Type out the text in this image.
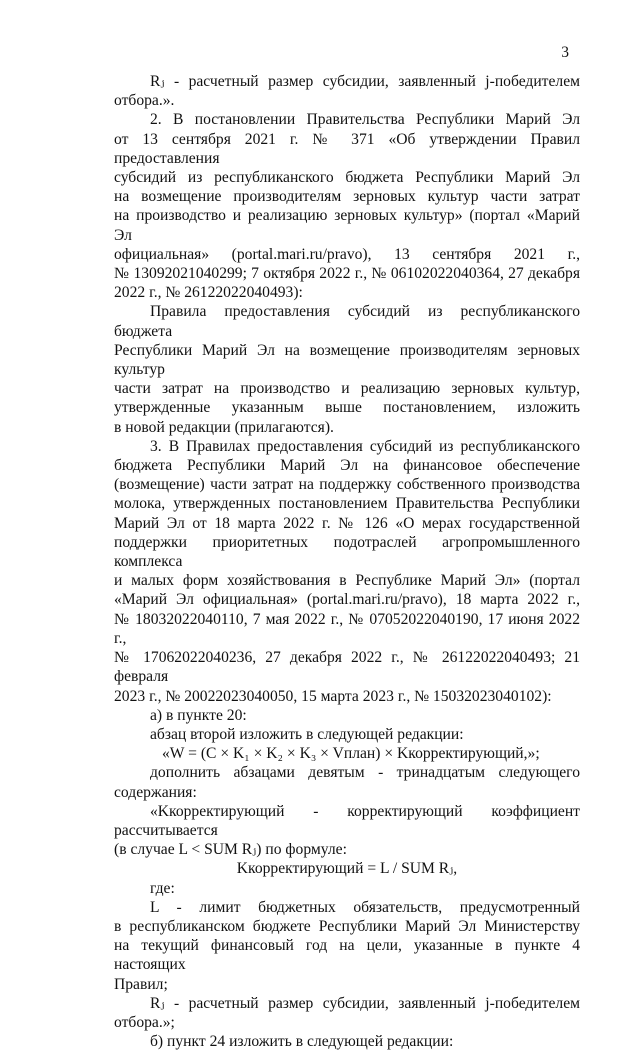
3

Rⱼ - расчетный размер субсидии, заявленный j-победителем

отбора.».

2. В постановлении Правительства Республики Марий Эл

от 13 сентября 2021 г. № 371 «Об утверждении Правил предоставления

субсидий из республиканского бюджета Республики Марий Эл

на возмещение производителям зерновых культур части затрат

на производство и реализацию зерновых культур» (портал «Марий Эл

официальная» (portal.mari.ru/pravo), 13 сентября 2021 г.,

№ 13092021040299; 7 октября 2022 г., № 06102022040364, 27 декабря

2022 г., № 26122022040493):

Правила предоставления субсидий из республиканского бюджета

Республики Марий Эл на возмещение производителям зерновых культур

части затрат на производство и реализацию зерновых культур,

утвержденные указанным выше постановлением, изложить

в новой редакции (прилагаются).

3. В Правилах предоставления субсидий из республиканского

бюджета Республики Марий Эл на финансовое обеспечение

(возмещение) части затрат на поддержку собственного производства

молока, утвержденных постановлением Правительства Республики

Марий Эл от 18 марта 2022 г. № 126 «О мерах государственной

поддержки приоритетных подотраслей агропромышленного комплекса

и малых форм хозяйствования в Республике Марий Эл» (портал

«Марий Эл официальная» (portal.mari.ru/pravo), 18 марта 2022 г.,

№ 18032022040110, 7 мая 2022 г., № 07052022040190, 17 июня 2022 г.,

№ 17062022040236, 27 декабря 2022 г., № 26122022040493; 21 февраля

2023 г., № 20022023040050, 15 марта 2023 г., № 15032023040102):

а) в пункте 20:

абзац второй изложить в следующей редакции:

«W = (C × K₁ × K₂ × K₃ × Vплан) × Kкорректирующий,»;

дополнить абзацами девятым - тринадцатым следующего

содержания:

«Kкорректирующий - корректирующий коэффициент рассчитывается

(в случае L < SUM Rⱼ) по формуле:

Kкорректирующий = L / SUM Rⱼ,

где:

L - лимит бюджетных обязательств, предусмотренный

в республиканском бюджете Республики Марий Эл Министерству

на текущий финансовый год на цели, указанные в пункте 4 настоящих

Правил;

Rⱼ - расчетный размер субсидии, заявленный j-победителем

отбора.»;

б) пункт 24 изложить в следующей редакции:
